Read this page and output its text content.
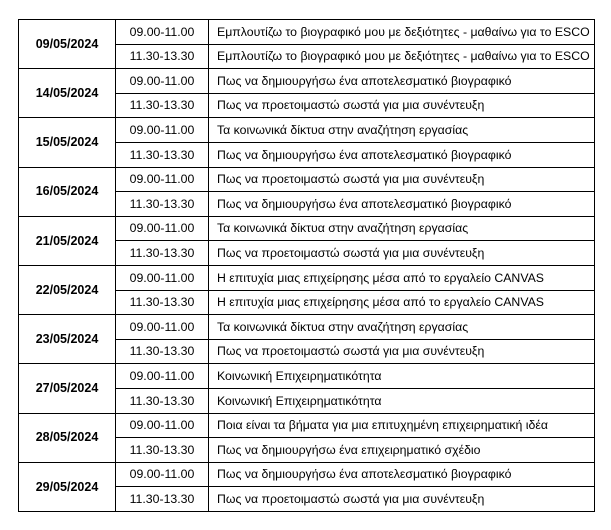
09/05/2024	09.00-11.00	Εμπλουτίζω το βιογραφικό μου με δεξιότητες - μαθαίνω για το ESCO
	11.30-13.30	Εμπλουτίζω το βιογραφικό μου με δεξιότητες - μαθαίνω για το ESCO
14/05/2024	09.00-11.00	Πως να δημιουργήσω ένα αποτελεσματικό βιογραφικό
	11.30-13.30	Πως να προετοιμαστώ σωστά για μια συνέντευξη
15/05/2024	09.00-11.00	Τα κοινωνικά δίκτυα στην αναζήτηση εργασίας
	11.30-13.30	Πως να δημιουργήσω ένα αποτελεσματικό βιογραφικό
16/05/2024	09.00-11.00	Πως να προετοιμαστώ σωστά για μια συνέντευξη
	11.30-13.30	Πως να δημιουργήσω ένα αποτελεσματικό βιογραφικό
21/05/2024	09.00-11.00	Τα κοινωνικά δίκτυα στην αναζήτηση εργασίας
	11.30-13.30	Πως να προετοιμαστώ σωστά για μια συνέντευξη
22/05/2024	09.00-11.00	Η επιτυχία μιας επιχείρησης μέσα από το εργαλείο CANVAS
	11.30-13.30	Η επιτυχία μιας επιχείρησης μέσα από το εργαλείο CANVAS
23/05/2024	09.00-11.00	Τα κοινωνικά δίκτυα στην αναζήτηση εργασίας
	11.30-13.30	Πως να προετοιμαστώ σωστά για μια συνέντευξη
27/05/2024	09.00-11.00	Κοινωνική Επιχειρηματικότητα
	11.30-13.30	Κοινωνική Επιχειρηματικότητα
28/05/2024	09.00-11.00	Ποια είναι τα βήματα για μια επιτυχημένη επιχειρηματική ιδέα
	11.30-13.30	Πως να δημιουργήσω ένα επιχειρηματικό σχέδιο
29/05/2024	09.00-11.00	Πως να δημιουργήσω ένα αποτελεσματικό βιογραφικό
	11.30-13.30	Πως να προετοιμαστώ σωστά για μια συνέντευξη
